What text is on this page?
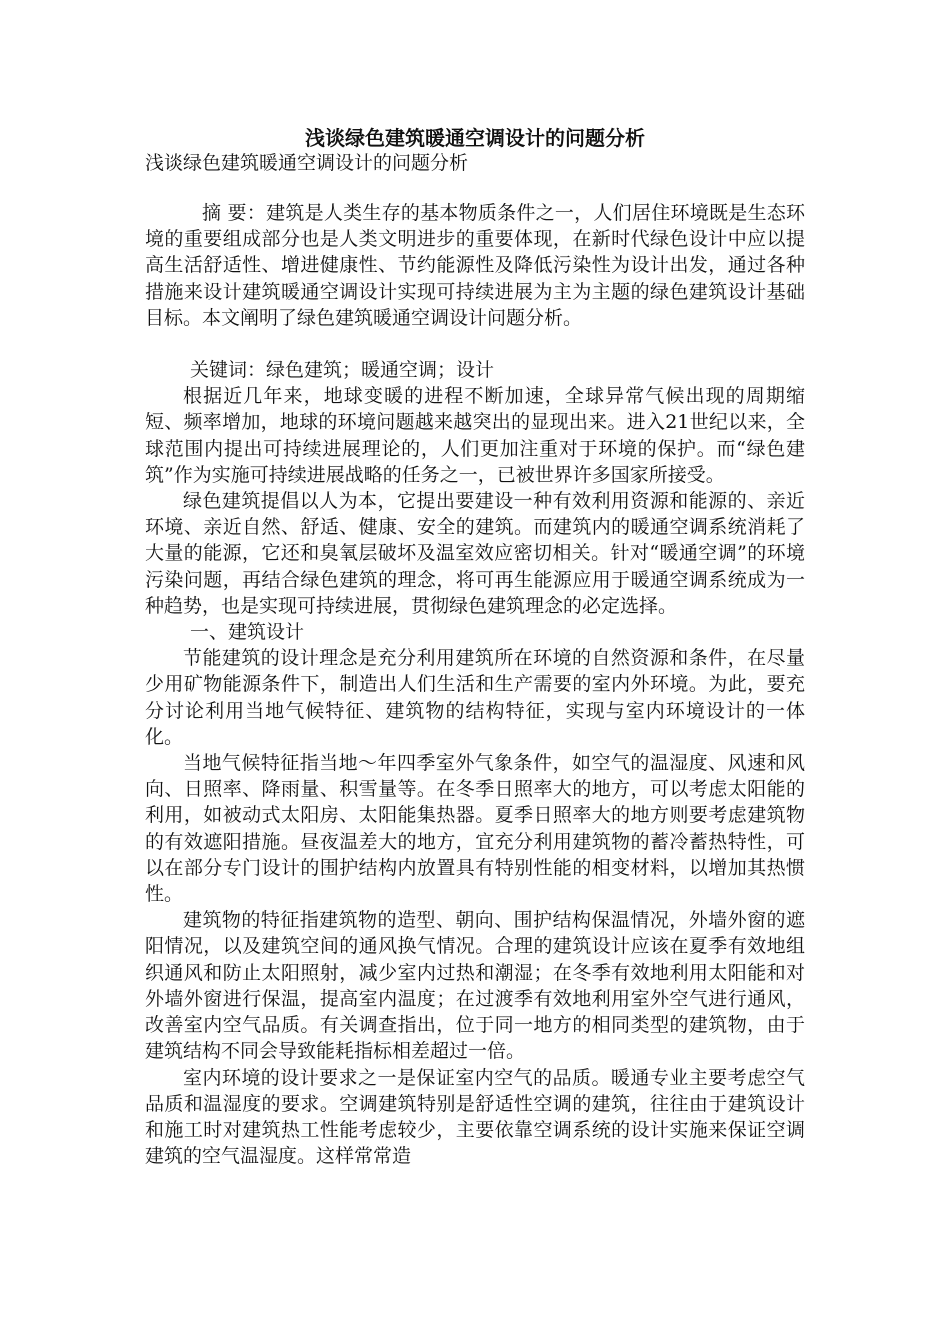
浅谈绿色建筑暖通空调设计的问题分析
浅谈绿色建筑暖通空调设计的问题分析

摘 要：建筑是人类生存的基本物质条件之一，人们居住环境既是生态环境的重要组成部分也是人类文明进步的重要体现，在新时代绿色设计中应以提高生活舒适性、增进健康性、节约能源性及降低污染性为设计出发，通过各种措施来设计建筑暖通空调设计实现可持续进展为主为主题的绿色建筑设计基础目标。本文阐明了绿色建筑暖通空调设计问题分析。

关键词：绿色建筑；暖通空调；设计

根据近几年来，地球变暖的进程不断加速，全球异常气候出现的周期缩短、频率增加，地球的环境问题越来越突出的显现出来。进入21世纪以来，全球范围内提出可持续进展理论的，人们更加注重对于环境的保护。而“绿色建筑”作为实施可持续进展战略的任务之一，已被世界许多国家所接受。

绿色建筑提倡以人为本，它提出要建设一种有效利用资源和能源的、亲近环境、亲近自然、舒适、健康、安全的建筑。而建筑内的暖通空调系统消耗了大量的能源，它还和臭氧层破坏及温室效应密切相关。针对“暖通空调”的环境污染问题，再结合绿色建筑的理念，将可再生能源应用于暖通空调系统成为一种趋势，也是实现可持续进展，贯彻绿色建筑理念的必定选择。

一、建筑设计

节能建筑的设计理念是充分利用建筑所在环境的自然资源和条件，在尽量少用矿物能源条件下，制造出人们生活和生产需要的室内外环境。为此，要充分讨论利用当地气候特征、建筑物的结构特征，实现与室内环境设计的一体化。

当地气候特征指当地～年四季室外气象条件，如空气的温湿度、风速和风向、日照率、降雨量、积雪量等。在冬季日照率大的地方，可以考虑太阳能的利用，如被动式太阳房、太阳能集热器。夏季日照率大的地方则要考虑建筑物的有效遮阳措施。昼夜温差大的地方，宜充分利用建筑物的蓄冷蓄热特性，可以在部分专门设计的围护结构内放置具有特别性能的相变材料，以增加其热惯性。

建筑物的特征指建筑物的造型、朝向、围护结构保温情况，外墙外窗的遮阳情况，以及建筑空间的通风换气情况。合理的建筑设计应该在夏季有效地组织通风和防止太阳照射，减少室内过热和潮湿；在冬季有效地利用太阳能和对外墙外窗进行保温，提高室内温度；在过渡季有效地利用室外空气进行通风，改善室内空气品质。有关调查指出，位于同一地方的相同类型的建筑物，由于建筑结构不同会导致能耗指标相差超过一倍。

室内环境的设计要求之一是保证室内空气的品质。暖通专业主要考虑空气品质和温湿度的要求。空调建筑特别是舒适性空调的建筑，往往由于建筑设计和施工时对建筑热工性能考虑较少，主要依靠空调系统的设计实施来保证空调建筑的空气温湿度。这样常常造
